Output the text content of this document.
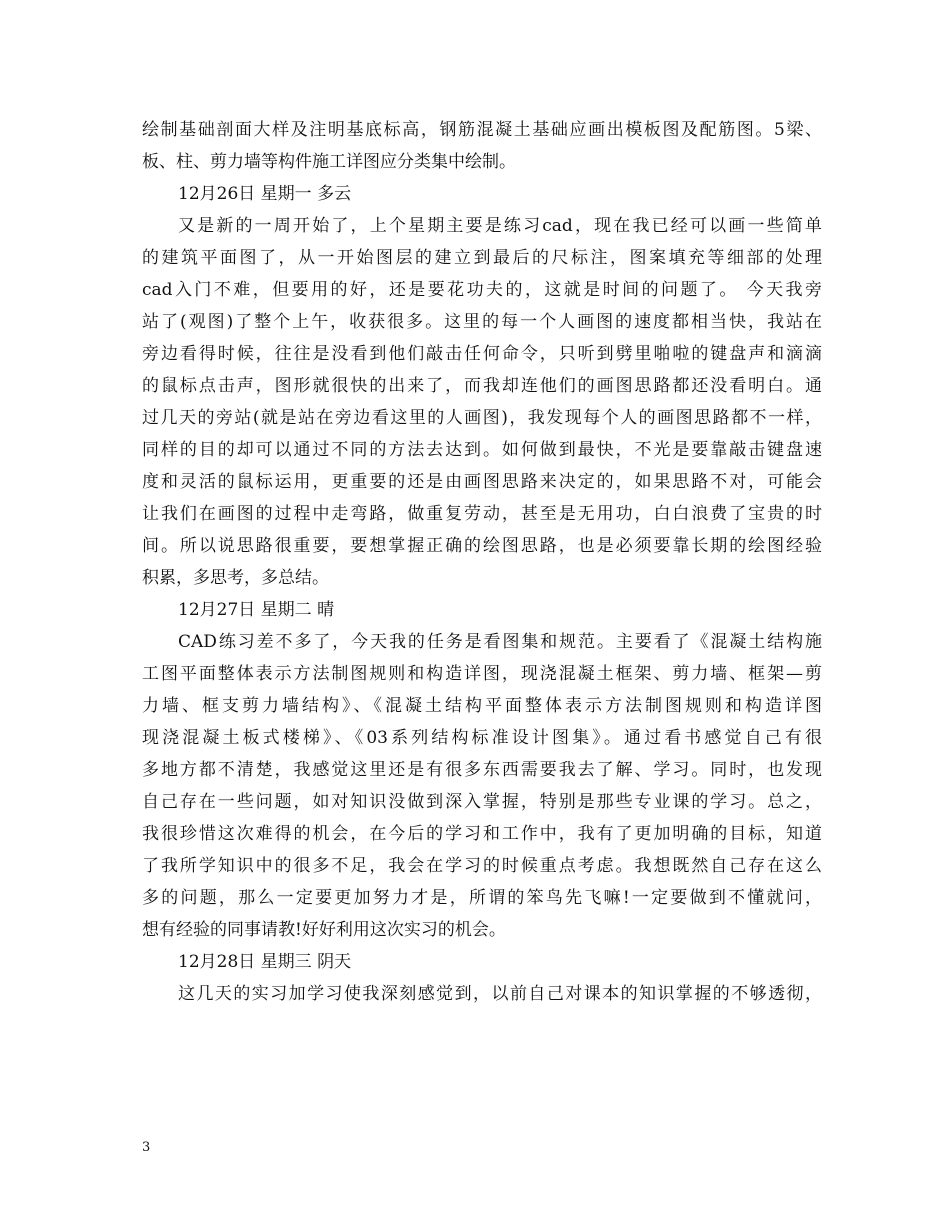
绘制基础剖面大样及注明基底标高，钢筋混凝土基础应画出模板图及配筋图。5梁、
板、柱、剪力墙等构件施工详图应分类集中绘制。
12月26日 星期一 多云
又是新的一周开始了，上个星期主要是练习cad，现在我已经可以画一些简单
的建筑平面图了，从一开始图层的建立到最后的尺标注，图案填充等细部的处理
cad入门不难，但要用的好，还是要花功夫的，这就是时间的问题了。 今天我旁
站了(观图)了整个上午，收获很多。这里的每一个人画图的速度都相当快，我站在
旁边看得时候，往往是没看到他们敲击任何命令，只听到劈里啪啦的键盘声和滴滴
的鼠标点击声，图形就很快的出来了，而我却连他们的画图思路都还没看明白。通
过几天的旁站(就是站在旁边看这里的人画图)，我发现每个人的画图思路都不一样，
同样的目的却可以通过不同的方法去达到。如何做到最快，不光是要靠敲击键盘速
度和灵活的鼠标运用，更重要的还是由画图思路来决定的，如果思路不对，可能会
让我们在画图的过程中走弯路，做重复劳动，甚至是无用功，白白浪费了宝贵的时
间。所以说思路很重要，要想掌握正确的绘图思路，也是必须要靠长期的绘图经验
积累，多思考，多总结。
12月27日 星期二 晴
CAD练习差不多了，今天我的任务是看图集和规范。主要看了《混凝土结构施
工图平面整体表示方法制图规则和构造详图，现浇混凝土框架、剪力墙、框架—剪
力墙、框支剪力墙结构》、《混凝土结构平面整体表示方法制图规则和构造详图
现浇混凝土板式楼梯》、《03系列结构标准设计图集》。通过看书感觉自己有很
多地方都不清楚，我感觉这里还是有很多东西需要我去了解、学习。同时，也发现
自己存在一些问题，如对知识没做到深入掌握，特别是那些专业课的学习。总之，
我很珍惜这次难得的机会，在今后的学习和工作中，我有了更加明确的目标，知道
了我所学知识中的很多不足，我会在学习的时候重点考虑。我想既然自己存在这么
多的问题，那么一定要更加努力才是，所谓的笨鸟先飞嘛!一定要做到不懂就问，
想有经验的同事请教!好好利用这次实习的机会。
12月28日 星期三 阴天
这几天的实习加学习使我深刻感觉到，以前自己对课本的知识掌握的不够透彻，
3
